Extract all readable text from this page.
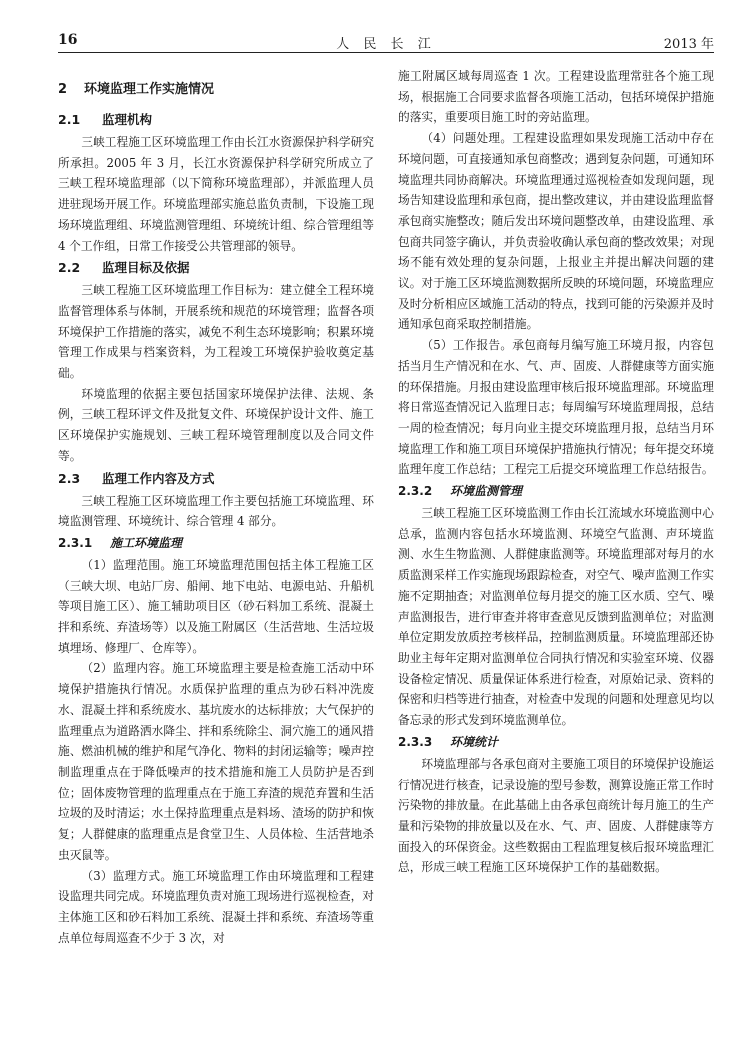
16	人 民 长 江	2013 年
2 环境监理工作实施情况
2.1 监理机构

三峡工程施工区环境监理工作由长江水资源保护科学研究所承担。2005 年 3 月，长江水资源保护科学研究所成立了三峡工程环境监理部（以下简称环境监理部），并派监理人员进驻现场开展工作。环境监理部实施总监负责制，下设施工现场环境监理组、环境监测管理组、环境统计组、综合管理组等 4 个工作组，日常工作接受公共管理部的领导。

2.2 监理目标及依据

三峡工程施工区环境监理工作目标为：建立健全工程环境监督管理体系与体制，开展系统和规范的环境管理；监督各项环境保护工作措施的落实，减免不利生态环境影响；积累环境管理工作成果与档案资料，为工程竣工环境保护验收奠定基础。

环境监理的依据主要包括国家环境保护法律、法规、条例，三峡工程环评文件及批复文件、环境保护设计文件、施工区环境保护实施规划、三峡工程环境管理制度以及合同文件等。

2.3 监理工作内容及方式

三峡工程施工区环境监理工作主要包括施工环境监理、环境监测管理、环境统计、综合管理 4 部分。

2.3.1 施工环境监理

（1）监理范围。施工环境监理范围包括主体工程施工区（三峡大坝、电站厂房、船闸、地下电站、电源电站、升船机等项目施工区）、施工辅助项目区（砂石料加工系统、混凝土拌和系统、弃渣场等）以及施工附属区（生活营地、生活垃圾填埋场、修理厂、仓库等）。

（2）监理内容。施工环境监理主要是检查施工活动中环境保护措施执行情况。水质保护监理的重点为砂石料冲洗废水、混凝土拌和系统废水、基坑废水的达标排放；大气保护的监理重点为道路洒水降尘、拌和系统除尘、洞穴施工的通风措施、燃油机械的维护和尾气净化、物料的封闭运输等；噪声控制监理重点在于降低噪声的技术措施和施工人员防护是否到位；固体废物管理的监理重点在于施工弃渣的规范弃置和生活垃圾的及时清运；水土保持监理重点是料场、渣场的防护和恢复；人群健康的监理重点是食堂卫生、人员体检、生活营地杀虫灭鼠等。

（3）监理方式。施工环境监理工作由环境监理和工程建设监理共同完成。环境监理负责对施工现场进行巡视检查，对主体施工区和砂石料加工系统、混凝土拌和系统、弃渣场等重点单位每周巡查不少于 3 次，对

施工附属区域每周巡查 1 次。工程建设监理常驻各个施工现场，根据施工合同要求监督各项施工活动，包括环境保护措施的落实，重要项目施工时的旁站监理。

（4）问题处理。工程建设监理如果发现施工活动中存在环境问题，可直接通知承包商整改；遇到复杂问题，可通知环境监理共同协商解决。环境监理通过巡视检查如发现问题，现场告知建设监理和承包商，提出整改建议，并由建设监理监督承包商实施整改；随后发出环境问题整改单，由建设监理、承包商共同签字确认，并负责验收确认承包商的整改效果；对现场不能有效处理的复杂问题，上报业主并提出解决问题的建议。对于施工区环境监测数据所反映的环境问题，环境监理应及时分析相应区域施工活动的特点，找到可能的污染源并及时通知承包商采取控制措施。

（5）工作报告。承包商每月编写施工环境月报，内容包括当月生产情况和在水、气、声、固废、人群健康等方面实施的环保措施。月报由建设监理审核后报环境监理部。环境监理将日常巡查情况记入监理日志；每周编写环境监理周报，总结一周的检查情况；每月向业主提交环境监理月报，总结当月环境监理工作和施工项目环境保护措施执行情况；每年提交环境监理年度工作总结；工程完工后提交环境监理工作总结报告。

2.3.2 环境监测管理

三峡工程施工区环境监测工作由长江流域水环境监测中心总承，监测内容包括水环境监测、环境空气监测、声环境监测、水生生物监测、人群健康监测等。环境监理部对每月的水质监测采样工作实施现场跟踪检查，对空气、噪声监测工作实施不定期抽查；对监测单位每月提交的施工区水质、空气、噪声监测报告，进行审查并将审查意见反馈到监测单位；对监测单位定期发放质控考核样品，控制监测质量。环境监理部还协助业主每年定期对监测单位合同执行情况和实验室环境、仪器设备检定情况、质量保证体系进行检查，对原始记录、资料的保密和归档等进行抽查，对检查中发现的问题和处理意见均以备忘录的形式发到环境监测单位。

2.3.3 环境统计

环境监理部与各承包商对主要施工项目的环境保护设施运行情况进行核查，记录设施的型号参数，测算设施正常工作时污染物的排放量。在此基础上由各承包商统计每月施工的生产量和污染物的排放量以及在水、气、声、固废、人群健康等方面投入的环保资金。这些数据由工程监理复核后报环境监理汇总，形成三峡工程施工区环境保护工作的基础数据。
